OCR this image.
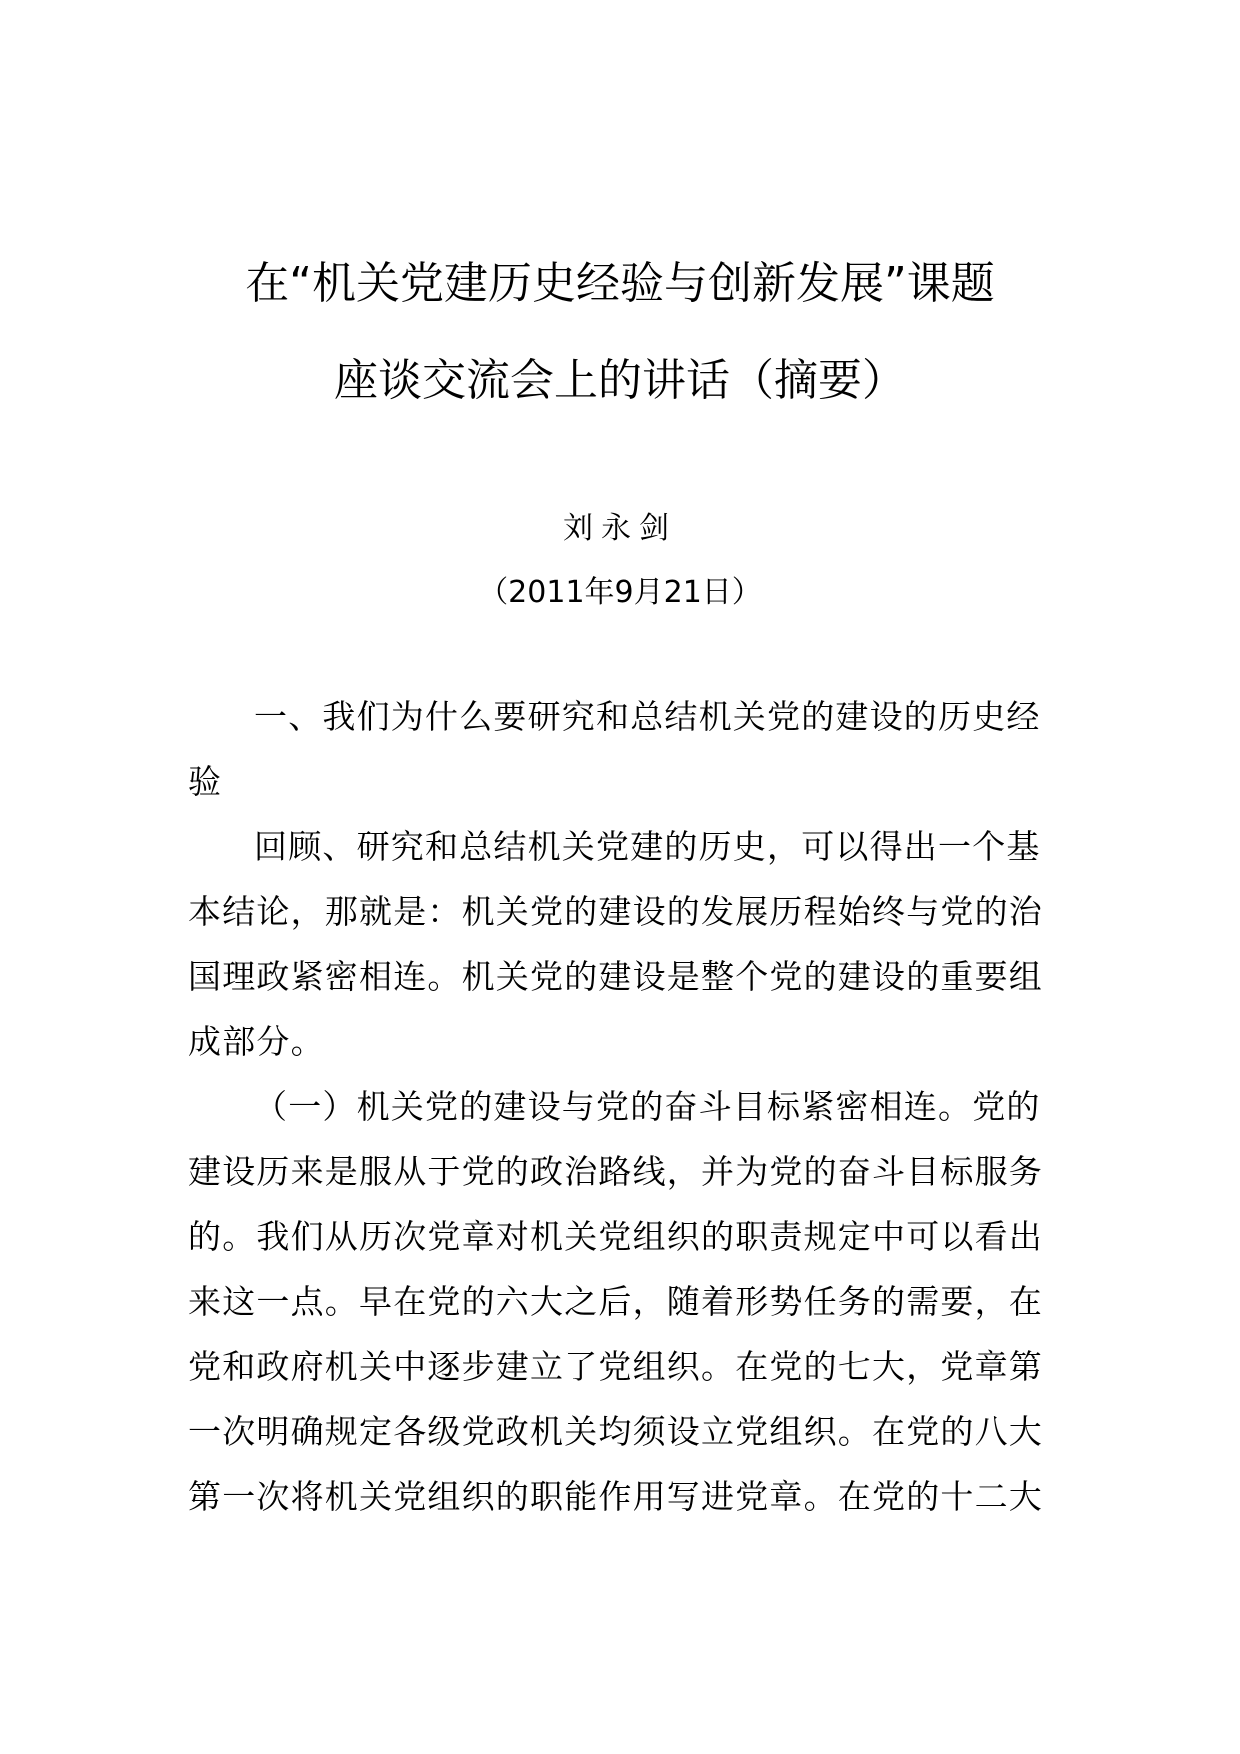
在“机关党建历史经验与创新发展”课题
座谈交流会上的讲话（摘要）
刘永剑
（2011年9月21日）
一、我们为什么要研究和总结机关党的建设的历史经
验
回顾、研究和总结机关党建的历史，可以得出一个基
本结论，那就是：机关党的建设的发展历程始终与党的治
国理政紧密相连。机关党的建设是整个党的建设的重要组
成部分。
（一）机关党的建设与党的奋斗目标紧密相连。党的
建设历来是服从于党的政治路线，并为党的奋斗目标服务
的。我们从历次党章对机关党组织的职责规定中可以看出
来这一点。早在党的六大之后，随着形势任务的需要，在
党和政府机关中逐步建立了党组织。在党的七大，党章第
一次明确规定各级党政机关均须设立党组织。在党的八大
第一次将机关党组织的职能作用写进党章。在党的十二大
